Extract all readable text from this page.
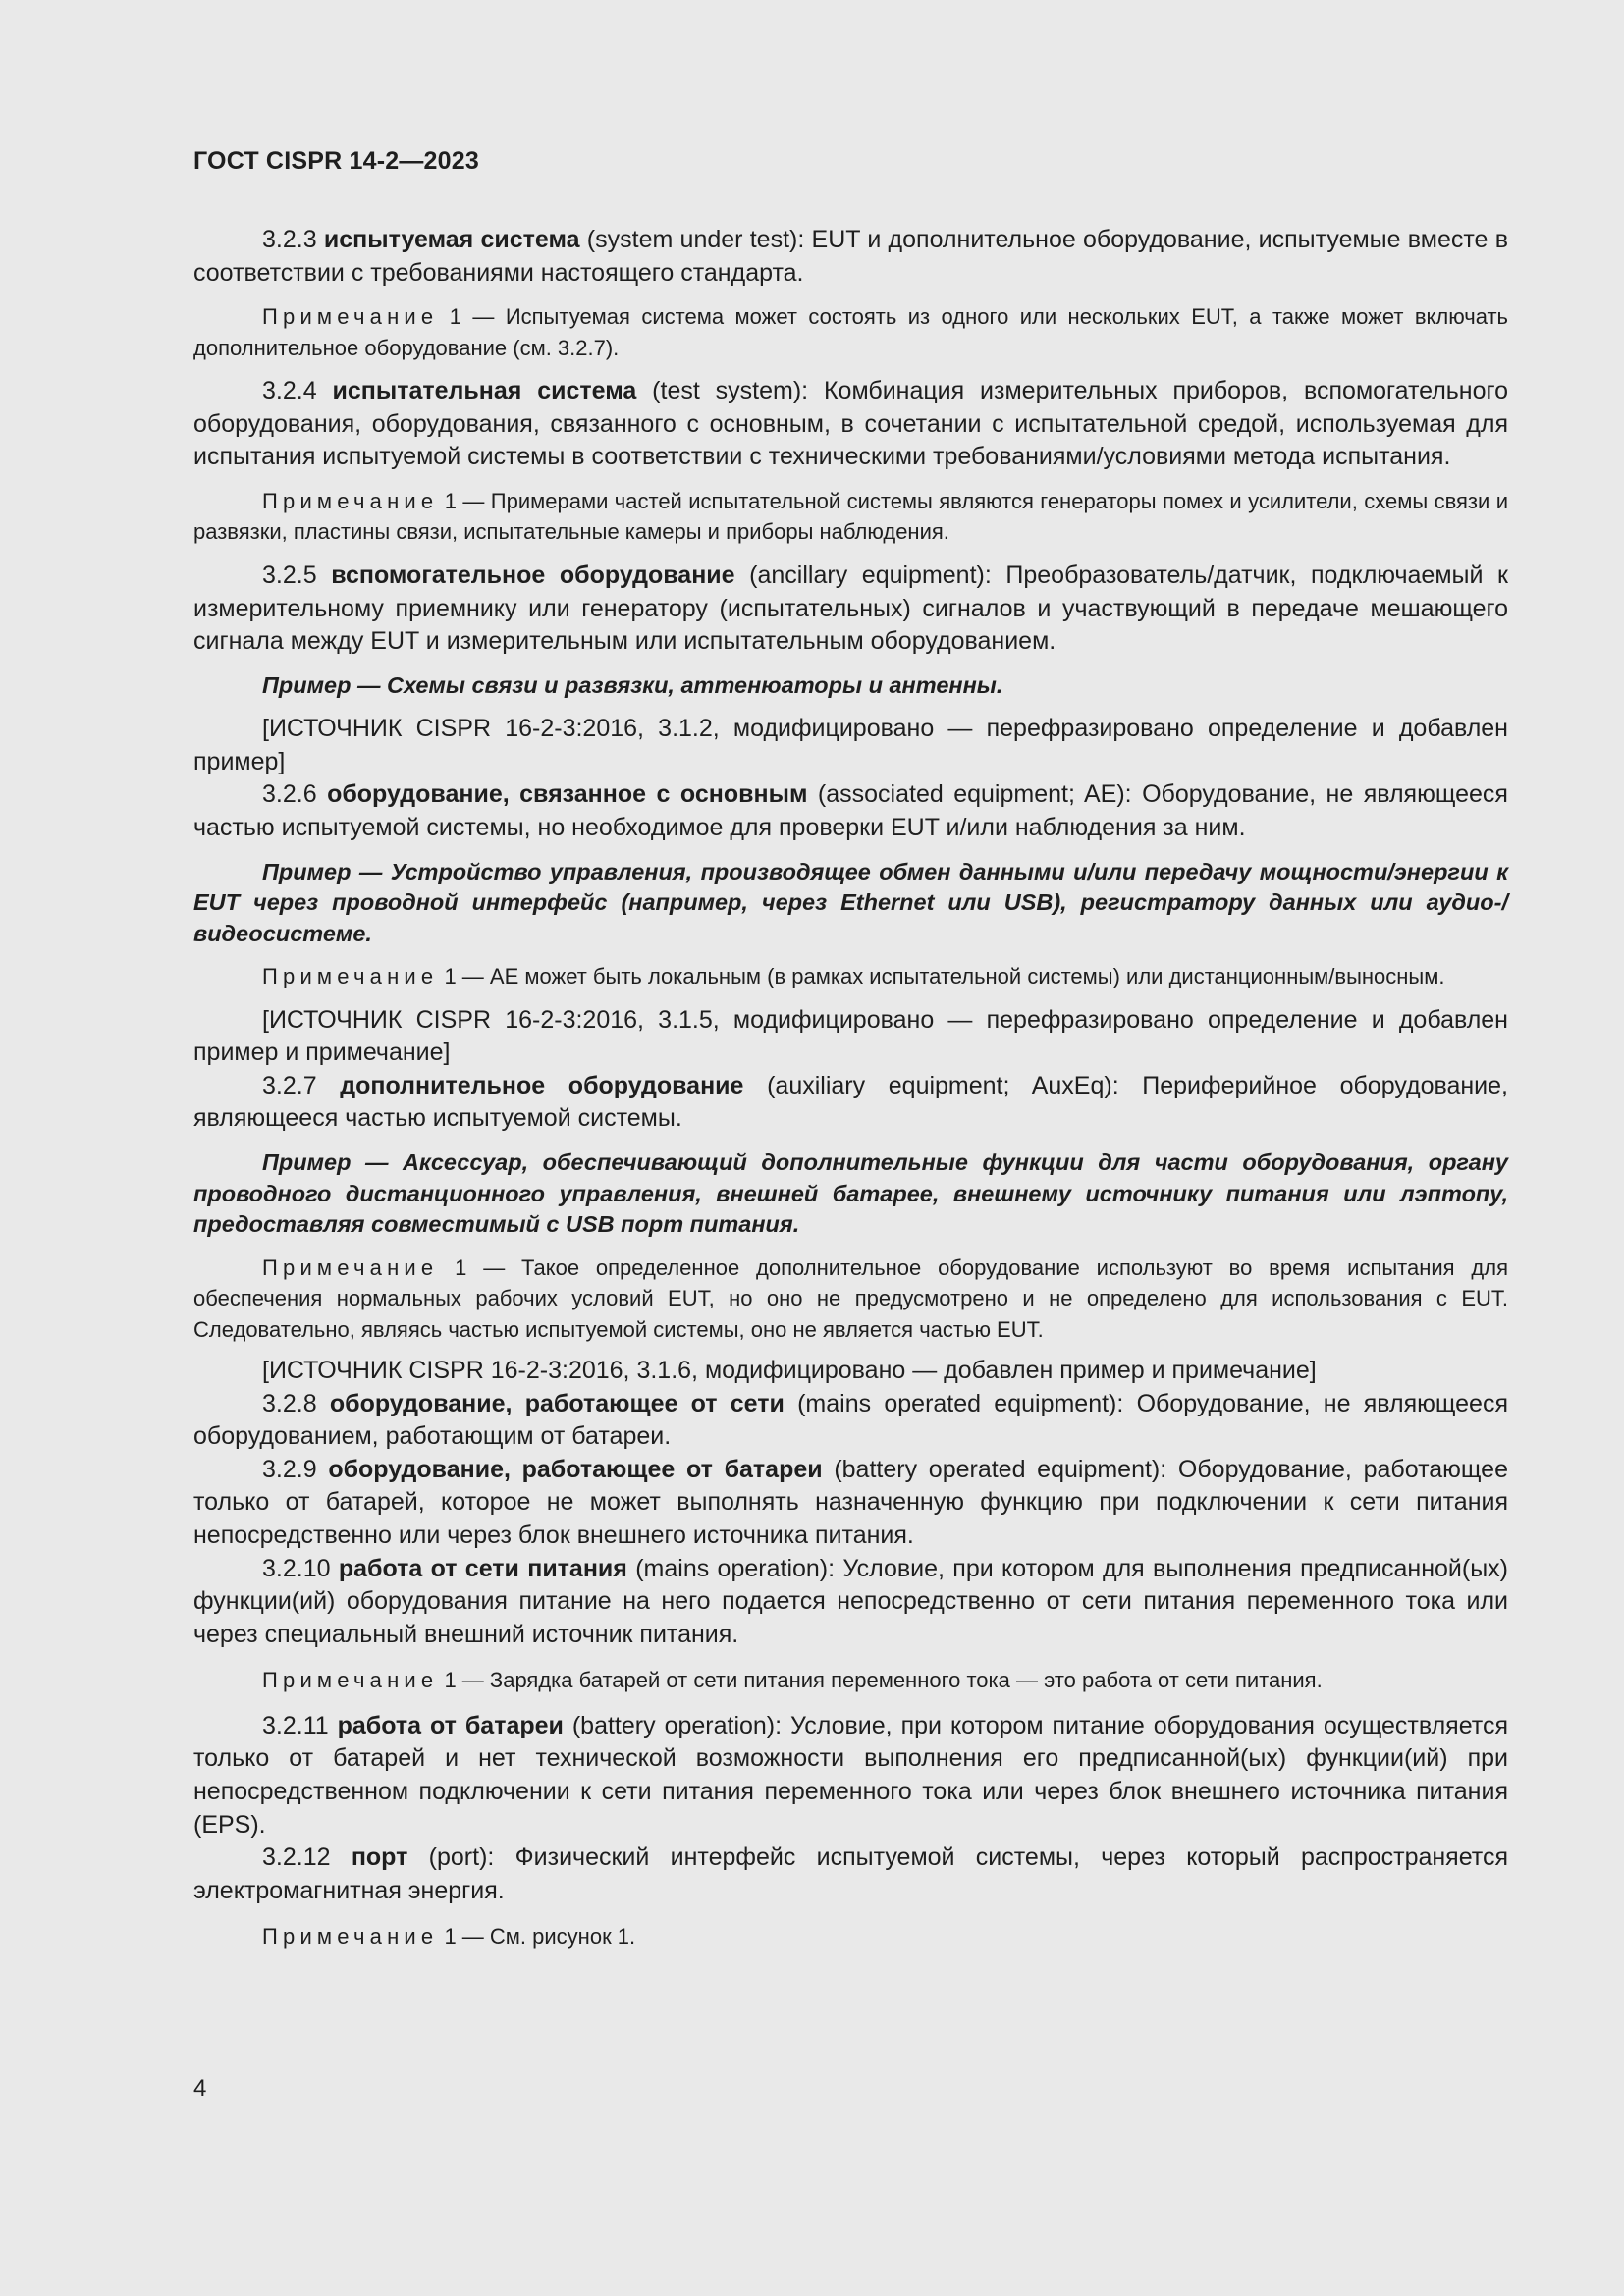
ГОСТ CISPR 14-2—2023

3.2.3 испытуемая система (system under test): EUT и дополнительное оборудование, испытуемые вместе в соответствии с требованиями настоящего стандарта.

Примечание 1 — Испытуемая система может состоять из одного или нескольких EUT, а также может включать дополнительное оборудование (см. 3.2.7).

3.2.4 испытательная система (test system): Комбинация измерительных приборов, вспомогательного оборудования, оборудования, связанного с основным, в сочетании с испытательной средой, используемая для испытания испытуемой системы в соответствии с техническими требованиями/условиями метода испытания.

Примечание 1 — Примерами частей испытательной системы являются генераторы помех и усилители, схемы связи и развязки, пластины связи, испытательные камеры и приборы наблюдения.

3.2.5 вспомогательное оборудование (ancillary equipment): Преобразователь/датчик, подключаемый к измерительному приемнику или генератору (испытательных) сигналов и участвующий в передаче мешающего сигнала между EUT и измерительным или испытательным оборудованием.

Пример — Схемы связи и развязки, аттенюаторы и антенны.

[ИСТОЧНИК CISPR 16-2-3:2016, 3.1.2, модифицировано — перефразировано определение и добавлен пример]

3.2.6 оборудование, связанное с основным (associated equipment; AE): Оборудование, не являющееся частью испытуемой системы, но необходимое для проверки EUT и/или наблюдения за ним.

Пример — Устройство управления, производящее обмен данными и/или передачу мощности/энергии к EUT через проводной интерфейс (например, через Ethernet или USB), регистратору данных или аудио-/видеосистеме.

Примечание 1 — AE может быть локальным (в рамках испытательной системы) или дистанционным/выносным.

[ИСТОЧНИК CISPR 16-2-3:2016, 3.1.5, модифицировано — перефразировано определение и добавлен пример и примечание]

3.2.7 дополнительное оборудование (auxiliary equipment; AuxEq): Периферийное оборудование, являющееся частью испытуемой системы.

Пример — Аксессуар, обеспечивающий дополнительные функции для части оборудования, органу проводного дистанционного управления, внешней батарее, внешнему источнику питания или лэптопу, предоставляя совместимый с USB порт питания.

Примечание 1 — Такое определенное дополнительное оборудование используют во время испытания для обеспечения нормальных рабочих условий EUT, но оно не предусмотрено и не определено для использования с EUT. Следовательно, являясь частью испытуемой системы, оно не является частью EUT.

[ИСТОЧНИК CISPR 16-2-3:2016, 3.1.6, модифицировано — добавлен пример и примечание]

3.2.8 оборудование, работающее от сети (mains operated equipment): Оборудование, не являющееся оборудованием, работающим от батареи.

3.2.9 оборудование, работающее от батареи (battery operated equipment): Оборудование, работающее только от батарей, которое не может выполнять назначенную функцию при подключении к сети питания непосредственно или через блок внешнего источника питания.

3.2.10 работа от сети питания (mains operation): Условие, при котором для выполнения предписанной(ых) функции(ий) оборудования питание на него подается непосредственно от сети питания переменного тока или через специальный внешний источник питания.

Примечание 1 — Зарядка батарей от сети питания переменного тока — это работа от сети питания.

3.2.11 работа от батареи (battery operation): Условие, при котором питание оборудования осуществляется только от батарей и нет технической возможности выполнения его предписанной(ых) функции(ий) при непосредственном подключении к сети питания переменного тока или через блок внешнего источника питания (EPS).

3.2.12 порт (port): Физический интерфейс испытуемой системы, через который распространяется электромагнитная энергия.

Примечание 1 — См. рисунок 1.

4
